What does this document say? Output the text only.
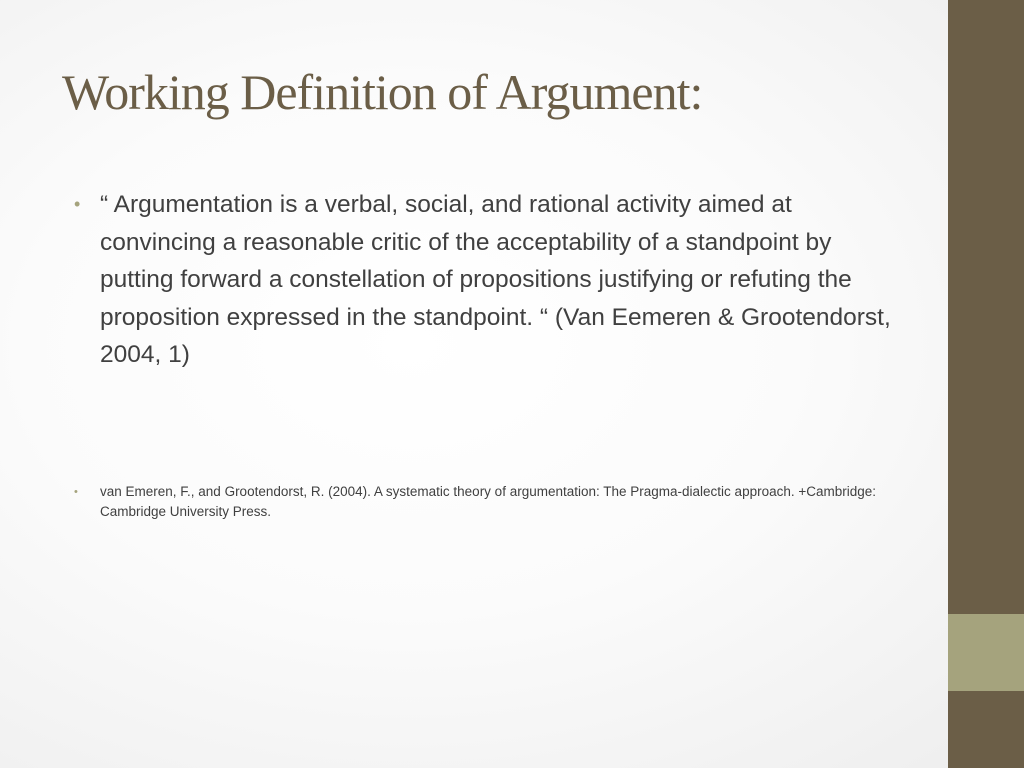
Working Definition of Argument:
• “ Argumentation is a verbal, social, and rational activity aimed at convincing a reasonable critic of the acceptability of a standpoint by putting forward a constellation of propositions justifying or refuting the proposition expressed in the standpoint. “ (Van Eemeren & Grootendorst, 2004, 1)
• van Emeren, F., and Grootendorst, R. (2004). A systematic theory of argumentation: The Pragma-dialectic approach. +Cambridge: Cambridge University Press.
